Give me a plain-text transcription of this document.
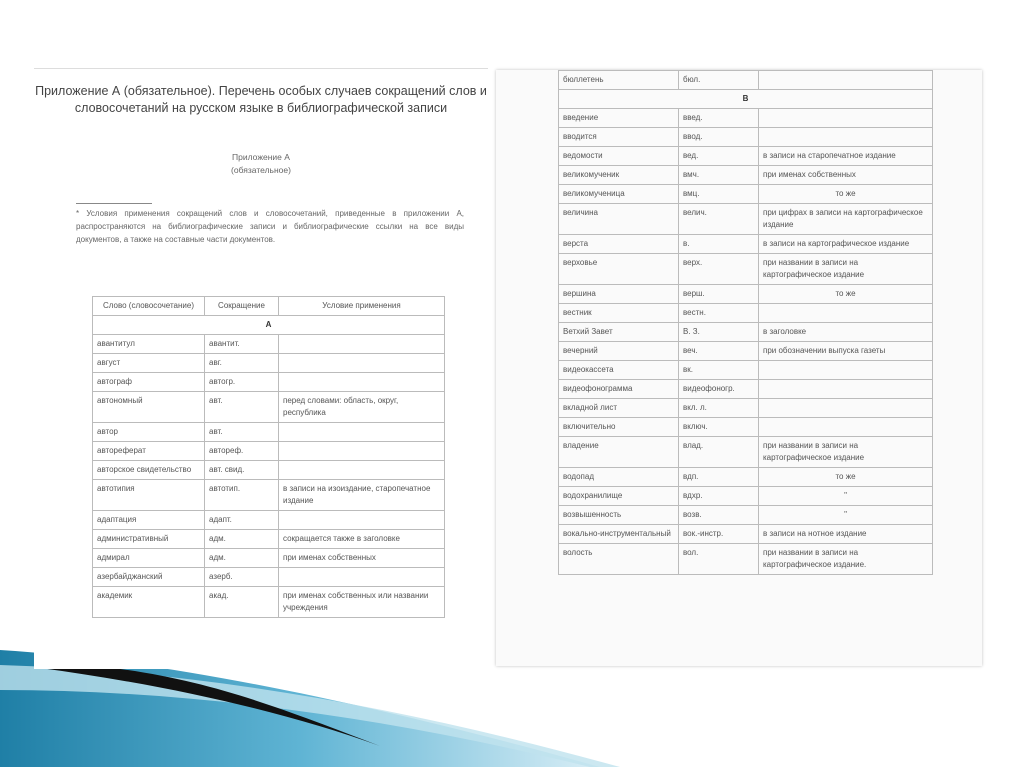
Приложение А (обязательное). Перечень особых случаев сокращений слов и словосочетаний на русском языке в библиографической записи
Приложение А
(обязательное)
* Условия применения сокращений слов и словосочетаний, приведенные в приложении А, распространяются на библиографические записи и библиографические ссылки на все виды документов, а также на составные части документов.
Слово (словосочетание)	Сокращение	Условие применения
А		
авантитул	авантит.	
август	авг.	
автограф	автогр.	
автономный	авт.	перед словами: область, округ, республика
автор	авт.	
автореферат	автореф.	
авторское свидетельство	авт. свид.	
автотипия	автотип.	в записи на изоиздание, старопечатное издание
адаптация	адапт.	
административный	адм.	сокращается также в заголовке
адмирал	адм.	при именах собственных
азербайджанский	азерб.	
академик	акад.	при именах собственных или названии учреждения
бюллетень	бюл.	
В		
введение	введ.	
вводится	ввод.	
ведомости	вед.	в записи на старопечатное издание
великомученик	вмч.	при именах собственных
великомученица	вмц.	то же
величина	велич.	при цифрах в записи на картографическое издание
верста	в.	в записи на картографическое издание
верховье	верх.	при названии в записи на картографическое издание
вершина	верш.	то же
вестник	вестн.	
Ветхий Завет	В. З.	в заголовке
вечерний	веч.	при обозначении выпуска газеты
видеокассета	вк.	
видеофонограмма	видеофоногр.	
вкладной лист	вкл. л.	
включительно	включ.	
владение	влад.	при названии в записи на картографическое издание
водопад	вдп.	то же
водохранилище	вдхр.	"
возвышенность	возв.	"
вокально-инструментальный	вок.-инстр.	в записи на нотное издание
волость	вол.	при названии в записи на картографическое издание.
